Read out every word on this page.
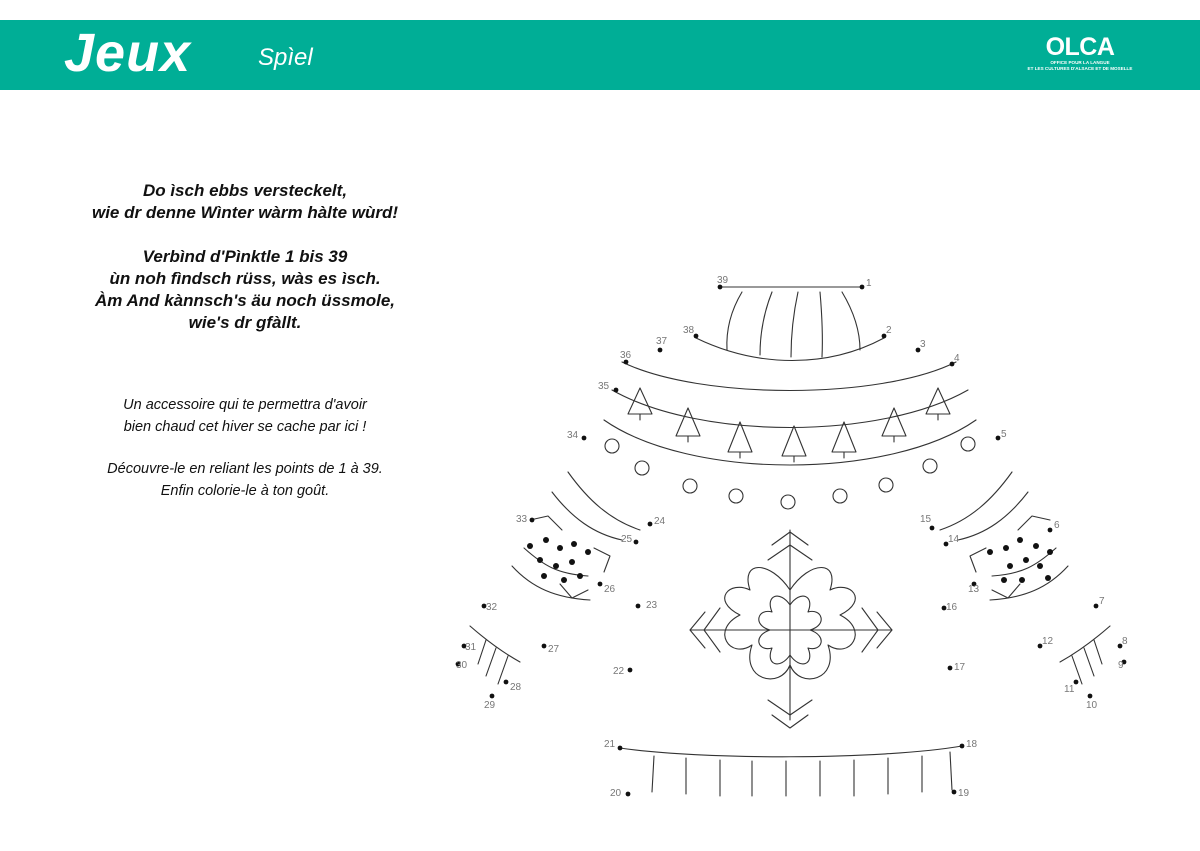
Jeux	Spìel	OLCA
OFFICE POUR LA LANGUE
ET LES CULTURES D'ALSACE ET DE MOSELLE

Do ìsch ebbs versteckelt,
wie dr denne Wìnter wàrm hàlte wùrd!

Verbìnd d'Pìnktle 1 bis 39
ùn noh fìndsch rüss, wàs es ìsch.
Àm And kànnsch's äu noch üssmole,
wie's dr gfàllt.

Un accessoire qui te permettra d'avoir
bien chaud cet hiver se cache par ici !

Découvre-le en reliant les points de 1 à 39.
Enfin colorie-le à ton goût.

1
2
3
4
5
6
7
8
9
10
11
12
13
14
15
16
17
18
19
20
21
22
23
24
25
26
27
28
29
30
31
32
33
34
35
36
37
38
39
